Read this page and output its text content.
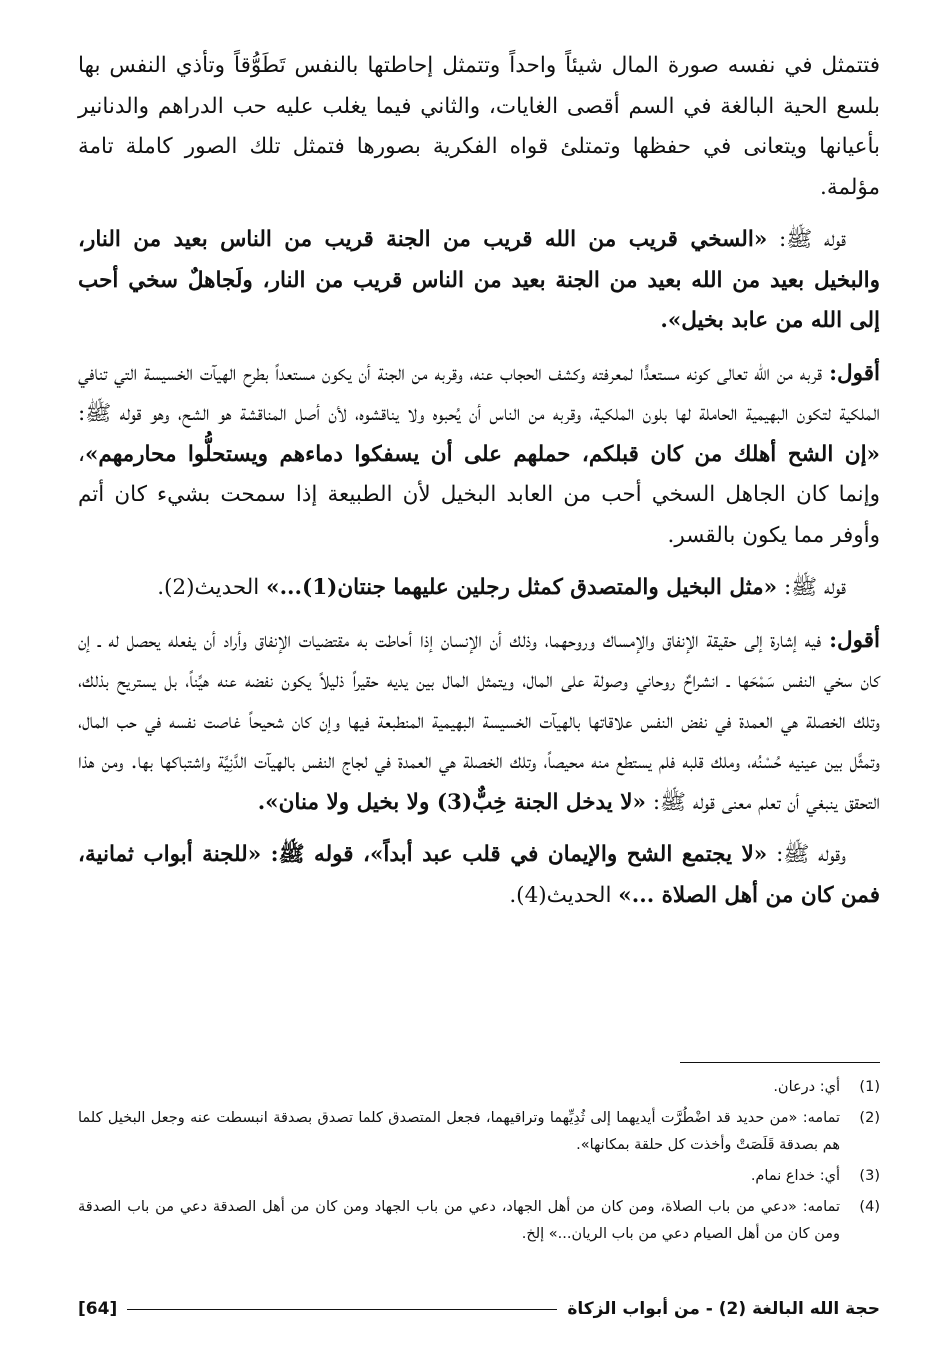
فتتمثل في نفسه صورة المال شيئاً واحداً وتتمثل إحاطتها بالنفس تَطَوُّقاً وتأذي النفس بها بلسع الحية البالغة في السم أقصى الغايات، والثاني فيما يغلب عليه حب الدراهم والدنانير بأعيانها ويتعانى في حفظها وتمتلئ قواه الفكرية بصورها فتمثل تلك الصور كاملة تامة مؤلمة.

قوله ﷺ: «السخي قريب من الله قريب من الجنة قريب من الناس بعيد من النار، والبخيل بعيد من الله بعيد من الجنة بعيد من الناس قريب من النار، ولَجاهلٌ سخي أحب إلى الله من عابد بخيل».

أقول: قربه من الله تعالى كونه مستعدًّا لمعرفته وكشف الحجاب عنه، وقربه من الجنة أن يكون مستعداً بطرح الهيآت الخسيسة التي تنافي الملكية لتكون البهيمية الحاملة لها بلون الملكية، وقربه من الناس أن يُحبوه ولا يناقشوه، لأن أصل المناقشة هو الشح، وهو قوله ﷺ: «إن الشح أهلك من كان قبلكم، حملهم على أن يسفكوا دماءهم ويستحلُّوا محارمهم»، وإنما كان الجاهل السخي أحب من العابد البخيل لأن الطبيعة إذا سمحت بشيء كان أتم وأوفر مما يكون بالقسر.

قوله ﷺ: «مثل البخيل والمتصدق كمثل رجلين عليهما جنتان(1)...» الحديث(2).

أقول: فيه إشارة إلى حقيقة الإنفاق والإمساك وروحهما، وذلك أن الإنسان إذا أحاطت به مقتضيات الإنفاق وأراد أن يفعله يحصل له ـ إن كان سخي النفس سَمْحَها ـ انشراحٌ روحاني وصولة على المال، ويتمثل المال بين يديه حقيراً ذليلاً يكون نفضه عنه هيِّناً، بل يستريح بذلك، وتلك الخصلة هي العمدة في نفض النفس علاقاتها بالهيآت الخسيسة البهيمية المنطبعة فيها وإن كان شحيحاً غاصت نفسه في حب المال، وتمثَّل بين عينيه حُسْنُه، وملك قلبه فلم يستطع منه محيصاً، وتلك الخصلة هي العمدة في لجاج النفس بالهيآت الدَّنِيَّة واشتباكها بها. ومن هذا التحقق ينبغي أن تعلم معنى قوله ﷺ: «لا يدخل الجنة خِبٌّ(3) ولا بخيل ولا منان».

وقوله ﷺ: «لا يجتمع الشح والإيمان في قلب عبد أبداً»، قوله ﷺ: «للجنة أبواب ثمانية، فمن كان من أهل الصلاة ...» الحديث(4).

(1)
أي: درعان.
(2)
تمامه: «من حديد قد اضْطُرَّت أيديهما إلى ثُدِيِّهما وتراقيهما، فجعل المتصدق كلما تصدق بصدقة انبسطت عنه وجعل البخيل كلما هم بصدقة قَلَصَتْ وأخذت كل حلقة بمكانها».
(3)
أي: خداع نمام.
(4)
تمامه: «دعي من باب الصلاة، ومن كان من أهل الجهاد، دعي من باب الجهاد ومن كان من أهل الصدقة دعي من باب الصدقة ومن كان من أهل الصيام دعي من باب الريان...» إلخ.
حجة الله البالغة (2) - من أبواب الزكاة
[64]
